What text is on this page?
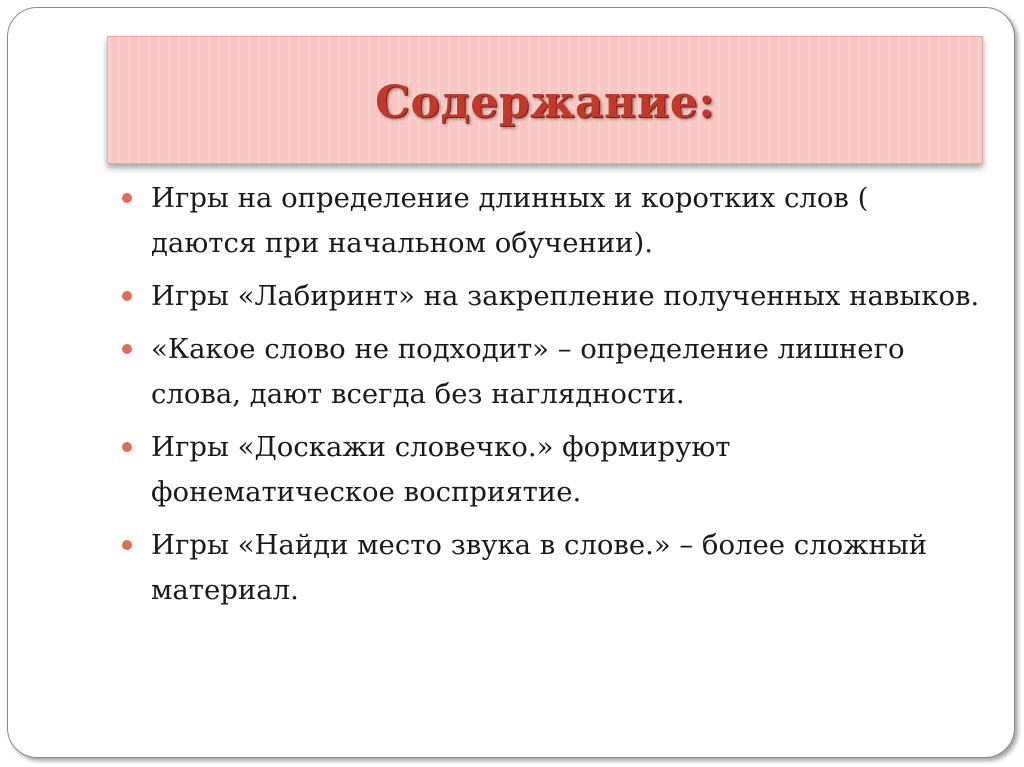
Содержание:
Игры на определение длинных и коротких слов ( даются при начальном обучении).
Игры «Лабиринт» на закрепление полученных навыков.
«Какое слово не подходит» – определение лишнего слова, дают всегда без наглядности.
Игры «Доскажи словечко.» формируют фонематическое восприятие.
Игры «Найди место звука в слове.» – более сложный материал.
